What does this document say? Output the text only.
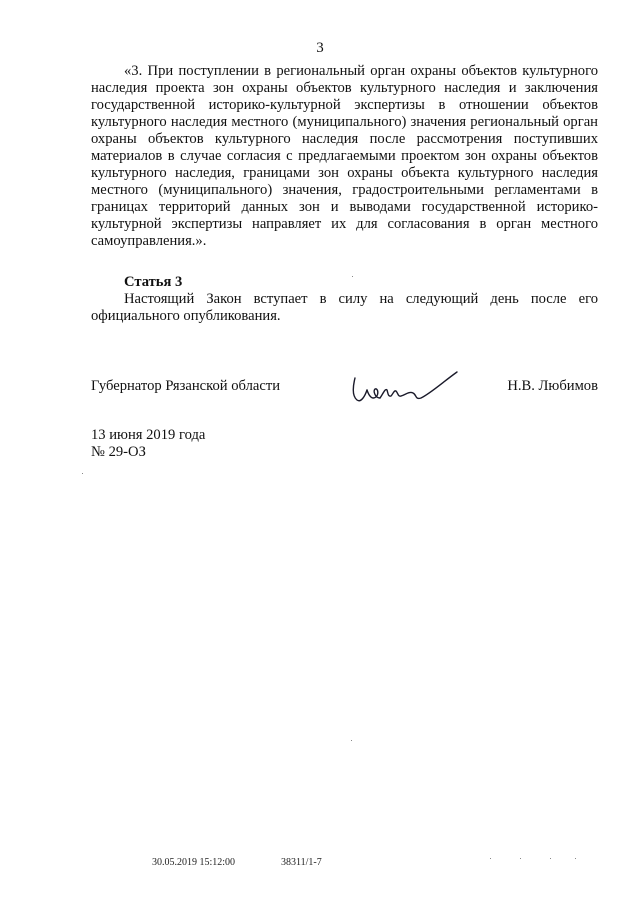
3
«3. При поступлении в региональный орган охраны объектов культурного наследия проекта зон охраны объектов культурного наследия и заключения государственной историко-культурной экспертизы в отношении объектов культурного наследия местного (муниципального) значения региональный орган охраны объектов культурного наследия после рассмотрения поступивших материалов в случае согласия с предлагаемыми проектом зон охраны объектов культурного наследия, границами зон охраны объекта культурного наследия местного (муниципального) значения, градостроительными регламентами в границах территорий данных зон и выводами государственной историко-культурной экспертизы направляет их для согласования в орган местного самоуправления.».
Статья 3
Настоящий Закон вступает в силу на следующий день после его официального опубликования.
Губернатор Рязанской области	Н.В. Любимов
13 июня 2019 года
№ 29-ОЗ
30.05.2019 15:12:00	38311/1-7
